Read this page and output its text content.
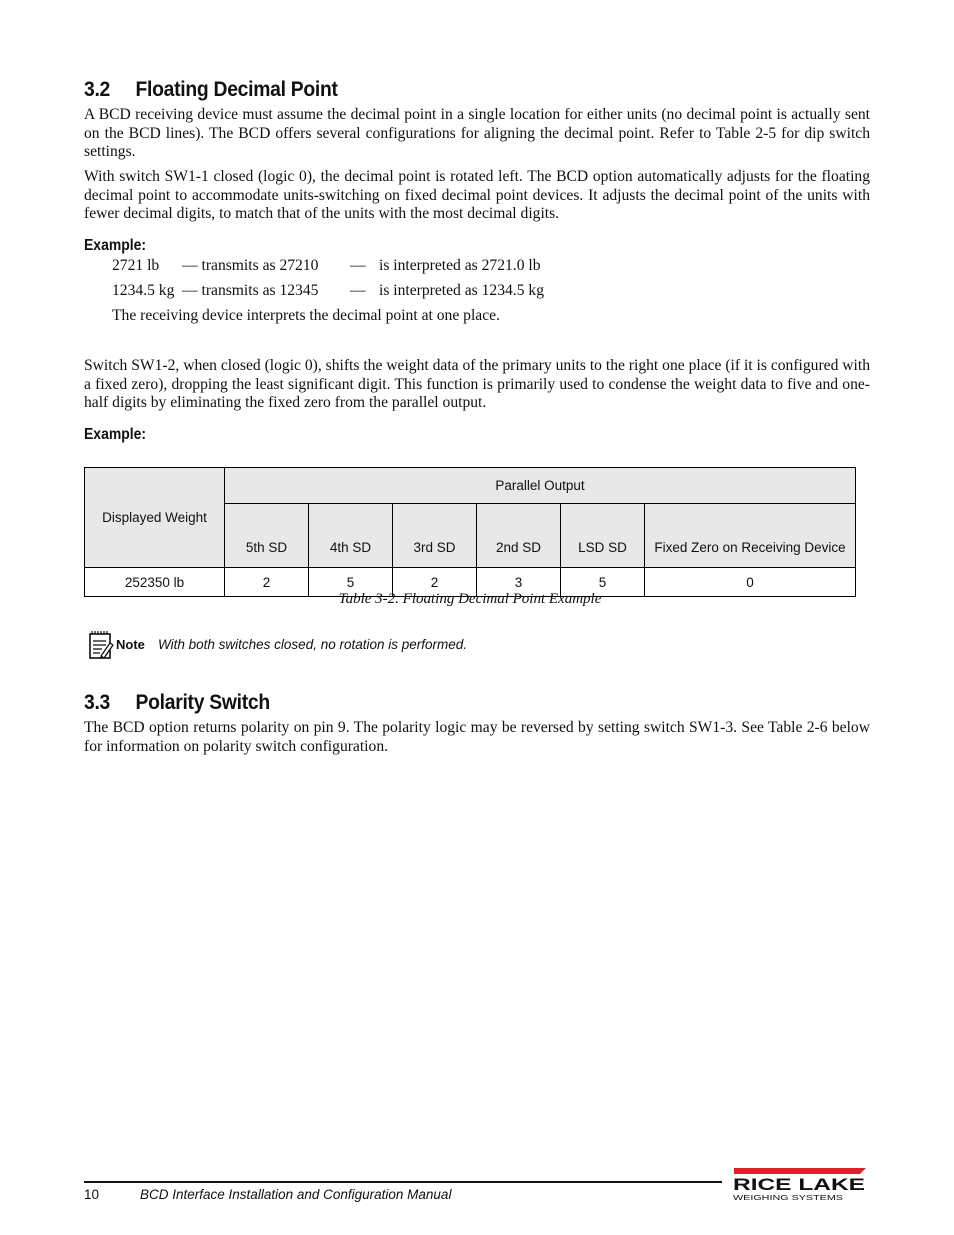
3.2 Floating Decimal Point
A BCD receiving device must assume the decimal point in a single location for either units (no decimal point is actually sent on the BCD lines). The BCD offers several configurations for aligning the decimal point. Refer to Table 2-5 for dip switch settings.
With switch SW1-1 closed (logic 0), the decimal point is rotated left. The BCD option automatically adjusts for the floating decimal point to accommodate units-switching on fixed decimal point devices. It adjusts the decimal point of the units with fewer decimal digits, to match that of the units with the most decimal digits.
Example:
2721 lb — transmits as 27210 — is interpreted as 2721.0 lb
1234.5 kg — transmits as 12345 — is interpreted as 1234.5 kg
The receiving device interprets the decimal point at one place.
Switch SW1-2, when closed (logic 0), shifts the weight data of the primary units to the right one place (if it is configured with a fixed zero), dropping the least significant digit. This function is primarily used to condense the weight data to five and one-half digits by eliminating the fixed zero from the parallel output.
Example:
Displayed Weight	Parallel Output					
	5th SD	4th SD	3rd SD	2nd SD	LSD SD	Fixed Zero on Receiving Device
252350 lb	2	5	2	3	5	0
Table 3-2. Floating Decimal Point Example
Note With both switches closed, no rotation is performed.
3.3 Polarity Switch
The BCD option returns polarity on pin 9. The polarity logic may be reversed by setting switch SW1-3. See Table 2-6 below for information on polarity switch configuration.
10	BCD Interface Installation and Configuration Manual
RICE LAKE
WEIGHING SYSTEMS
